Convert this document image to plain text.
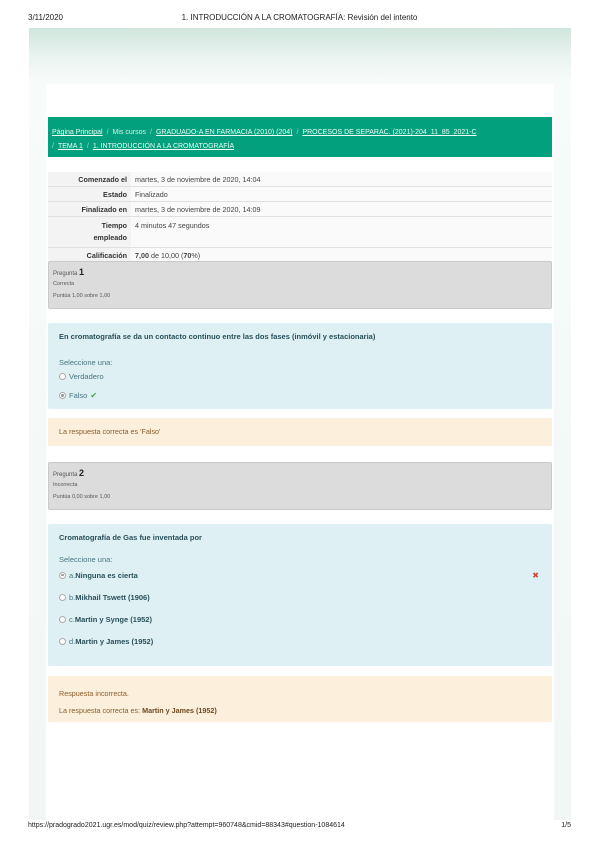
3/11/2020	1. INTRODUCCIÓN A LA CROMATOGRAFÍA: Revisión del intento
Página Principal / Mis cursos / GRADUADO-A EN FARMACIA (2010) (204) / PROCESOS DE SEPARAC. (2021)-204_11_85_2021-C
/ TEMA 1 / 1. INTRODUCCIÓN A LA CROMATOGRAFÍA
Comenzado el	martes, 3 de noviembre de 2020, 14:04
Estado	Finalizado
Finalizado en	martes, 3 de noviembre de 2020, 14:09
Tiempo
empleado	4 minutos 47 segundos
Calificación	7,00 de 10,00 (70%)
Pregunta 1
Correcta
Puntúa 1,00 sobre 1,00
En cromatografía se da un contacto continuo entre las dos fases (inmóvil y estacionaria)
Seleccione una:
Verdadero
Falso ✔
La respuesta correcta es 'Falso'
Pregunta 2
Incorrecta
Puntúa 0,00 sobre 1,00
Cromatografía de Gas fue inventada por
Seleccione una:
a. Ninguna es cierta	✖
b. Mikhail Tswett (1906)
c. Martin y Synge (1952)
d. Martin y James (1952)
Respuesta incorrecta.
La respuesta correcta es: Martin y James (1952)
https://pradogrado2021.ugr.es/mod/quiz/review.php?attempt=960748&cmid=88343#question-1084614	1/5
